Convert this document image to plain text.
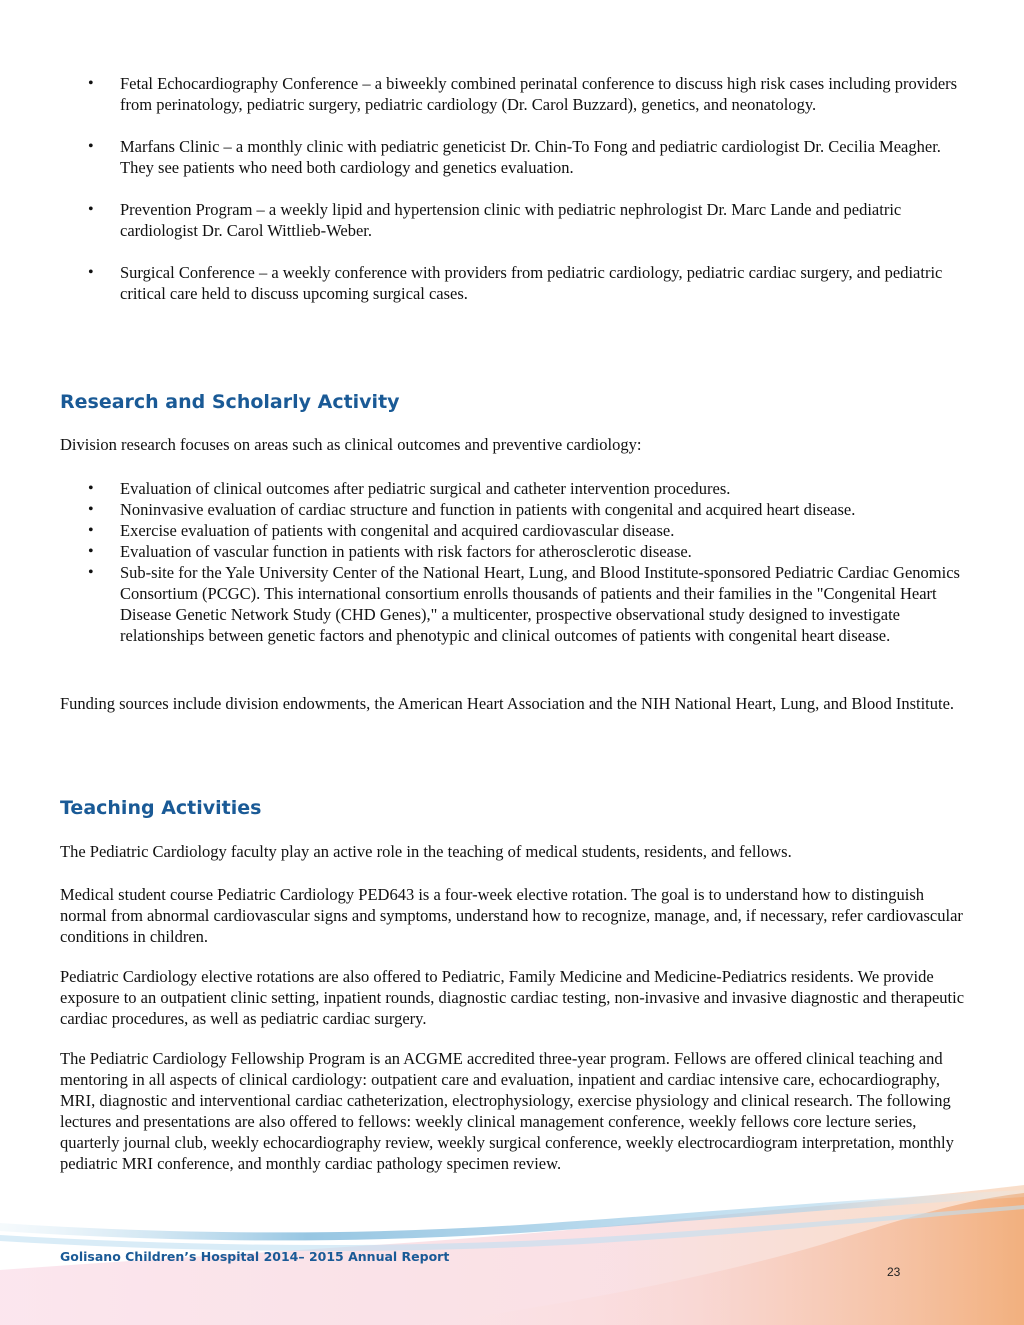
• Fetal Echocardiography Conference – a biweekly combined perinatal conference to discuss high risk cases including providers from perinatology, pediatric surgery, pediatric cardiology (Dr. Carol Buzzard), genetics, and neonatology.
• Marfans Clinic – a monthly clinic with pediatric geneticist Dr. Chin-To Fong and pediatric cardiologist Dr. Cecilia Meagher. They see patients who need both cardiology and genetics evaluation.
• Prevention Program – a weekly lipid and hypertension clinic with pediatric nephrologist Dr. Marc Lande and pediatric cardiologist Dr. Carol Wittlieb-Weber.
• Surgical Conference – a weekly conference with providers from pediatric cardiology, pediatric cardiac surgery, and pediatric critical care held to discuss upcoming surgical cases.
Research and Scholarly Activity
Division research focuses on areas such as clinical outcomes and preventive cardiology:
• Evaluation of clinical outcomes after pediatric surgical and catheter intervention procedures.
• Noninvasive evaluation of cardiac structure and function in patients with congenital and acquired heart disease.
• Exercise evaluation of patients with congenital and acquired cardiovascular disease.
• Evaluation of vascular function in patients with risk factors for atherosclerotic disease.
• Sub-site for the Yale University Center of the National Heart, Lung, and Blood Institute-sponsored Pediatric Cardiac Genomics Consortium (PCGC). This international consortium enrolls thousands of patients and their families in the "Congenital Heart Disease Genetic Network Study (CHD Genes)," a multicenter, prospective observational study designed to investigate relationships between genetic factors and phenotypic and clinical outcomes of patients with congenital heart disease.
Funding sources include division endowments, the American Heart Association and the NIH National Heart, Lung, and Blood Institute.
Teaching Activities
The Pediatric Cardiology faculty play an active role in the teaching of medical students, residents, and fellows.
Medical student course Pediatric Cardiology PED643 is a four-week elective rotation. The goal is to understand how to distinguish normal from abnormal cardiovascular signs and symptoms, understand how to recognize, manage, and, if necessary, refer cardiovascular conditions in children.
Pediatric Cardiology elective rotations are also offered to Pediatric, Family Medicine and Medicine-Pediatrics residents. We provide exposure to an outpatient clinic setting, inpatient rounds, diagnostic cardiac testing, non-invasive and invasive diagnostic and therapeutic cardiac procedures, as well as pediatric cardiac surgery.
The Pediatric Cardiology Fellowship Program is an ACGME accredited three-year program. Fellows are offered clinical teaching and mentoring in all aspects of clinical cardiology: outpatient care and evaluation, inpatient and cardiac intensive care, echocardiography, MRI, diagnostic and interventional cardiac catheterization, electrophysiology, exercise physiology and clinical research. The following lectures and presentations are also offered to fellows: weekly clinical management conference, weekly fellows core lecture series, quarterly journal club, weekly echocardiography review, weekly surgical conference, weekly electrocardiogram interpretation, monthly pediatric MRI conference, and monthly cardiac pathology specimen review.
Golisano Children’s Hospital 2014– 2015 Annual Report
23
